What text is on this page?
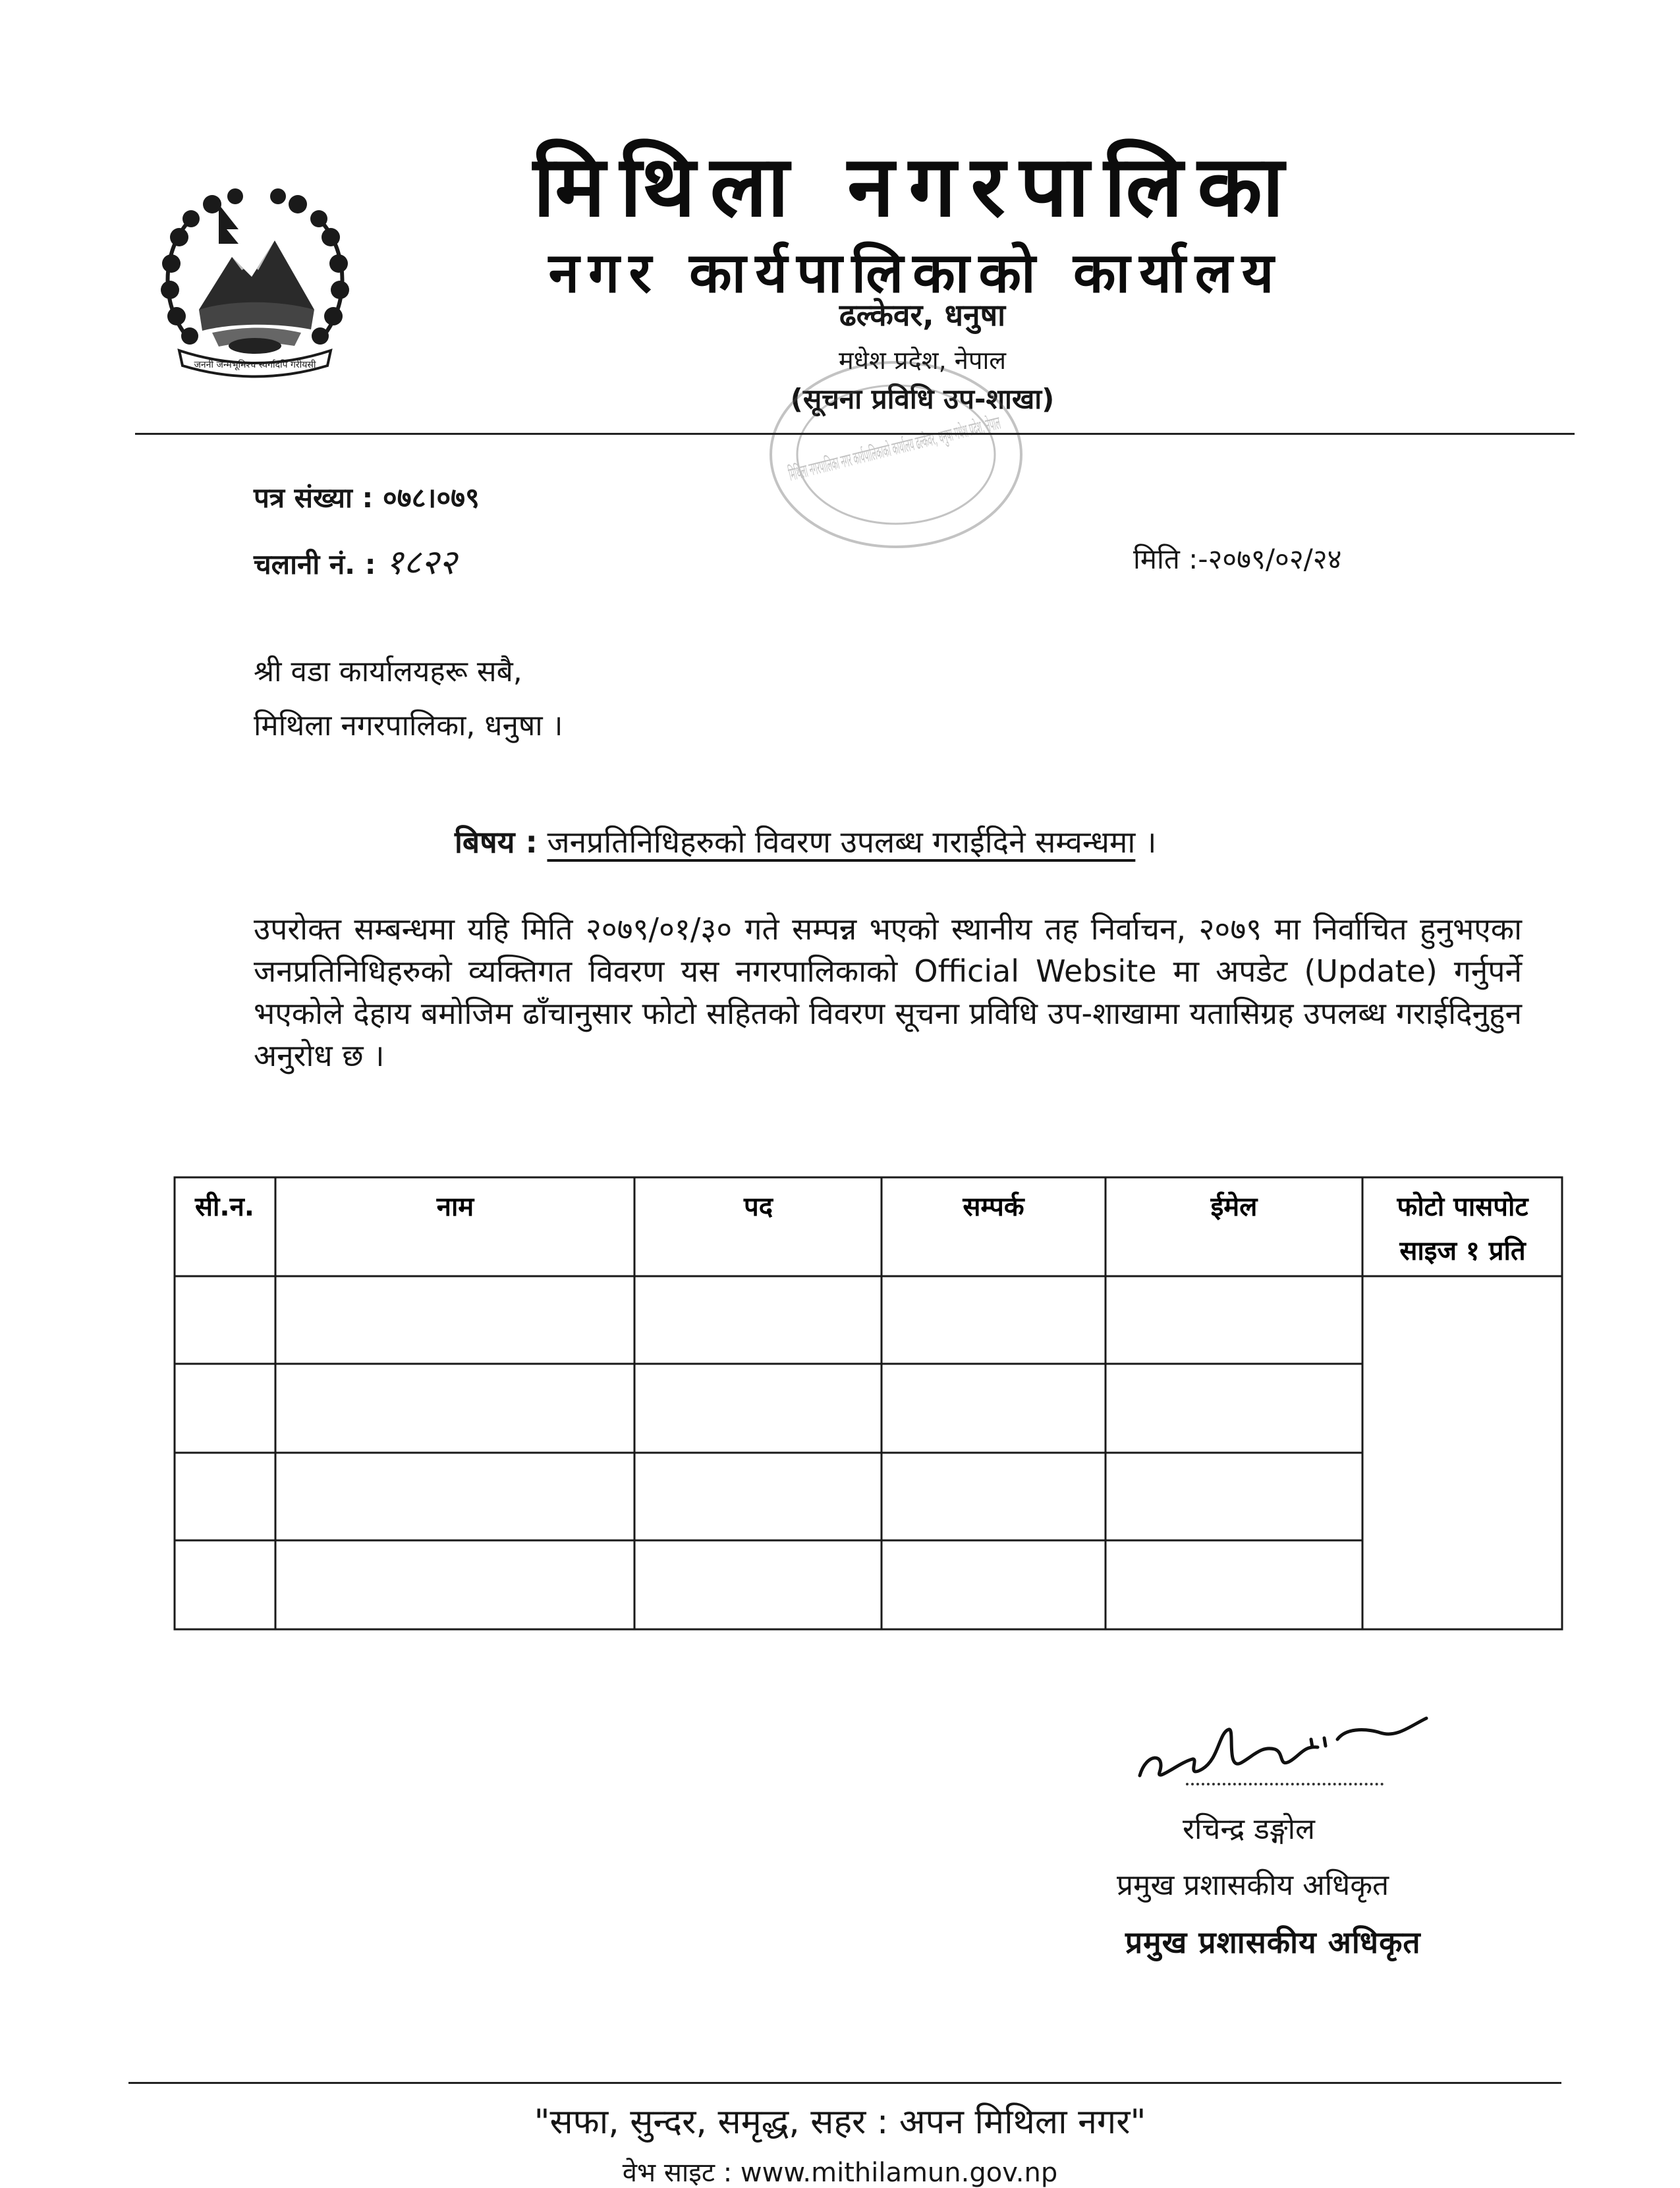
जननी जन्मभूमिश्च स्वर्गादपि गरीयसी
मिथिला नगरपालिका
नगर कार्यपालिकाको कार्यालय
ढल्केवर, धनुषा
मधेश प्रदेश, नेपाल
(सूचना प्रविधि उप-शाखा)
मिथिला नगरपालिका नगर कार्यपालिकाको
पत्र संख्या : ०७८।०७९
चलानी नं. : १८२२	मिति :-२०७९/०२/२४
श्री वडा कार्यालयहरू सबै,
मिथिला नगरपालिका, धनुषा ।
बिषय : जनप्रतिनिधिहरुको विवरण उपलब्ध गराईदिने सम्वन्धमा ।
उपरोक्त सम्बन्धमा यहि मिति २०७९/०१/३० गते सम्पन्न भएको स्थानीय तह निर्वाचन, २०७९ मा निर्वाचित हुनुभएका जनप्रतिनिधिहरुको व्यक्तिगत विवरण यस नगरपालिकाको Official Website मा अपडेट (Update) गर्नुपर्ने भएकोले देहाय बमोजिम ढाँचानुसार फोटो सहितको विवरण सूचना प्रविधि उप-शाखामा यतासिग्रह उपलब्ध गराईदिनुहुन अनुरोध छ ।
सी.न.	नाम	पद	सम्पर्क	ईमेल	फोटो पासपोट
साइज १ प्रति
रचिन्द्र डङ्गोल
प्रमुख प्रशासकीय अधिकृत
प्रमुख प्रशासकीय अधिकृत
"सफा, सुन्दर, समृद्ध, सहर : अपन मिथिला नगर"
वेभ साइट : www.mithilamun.gov.np
